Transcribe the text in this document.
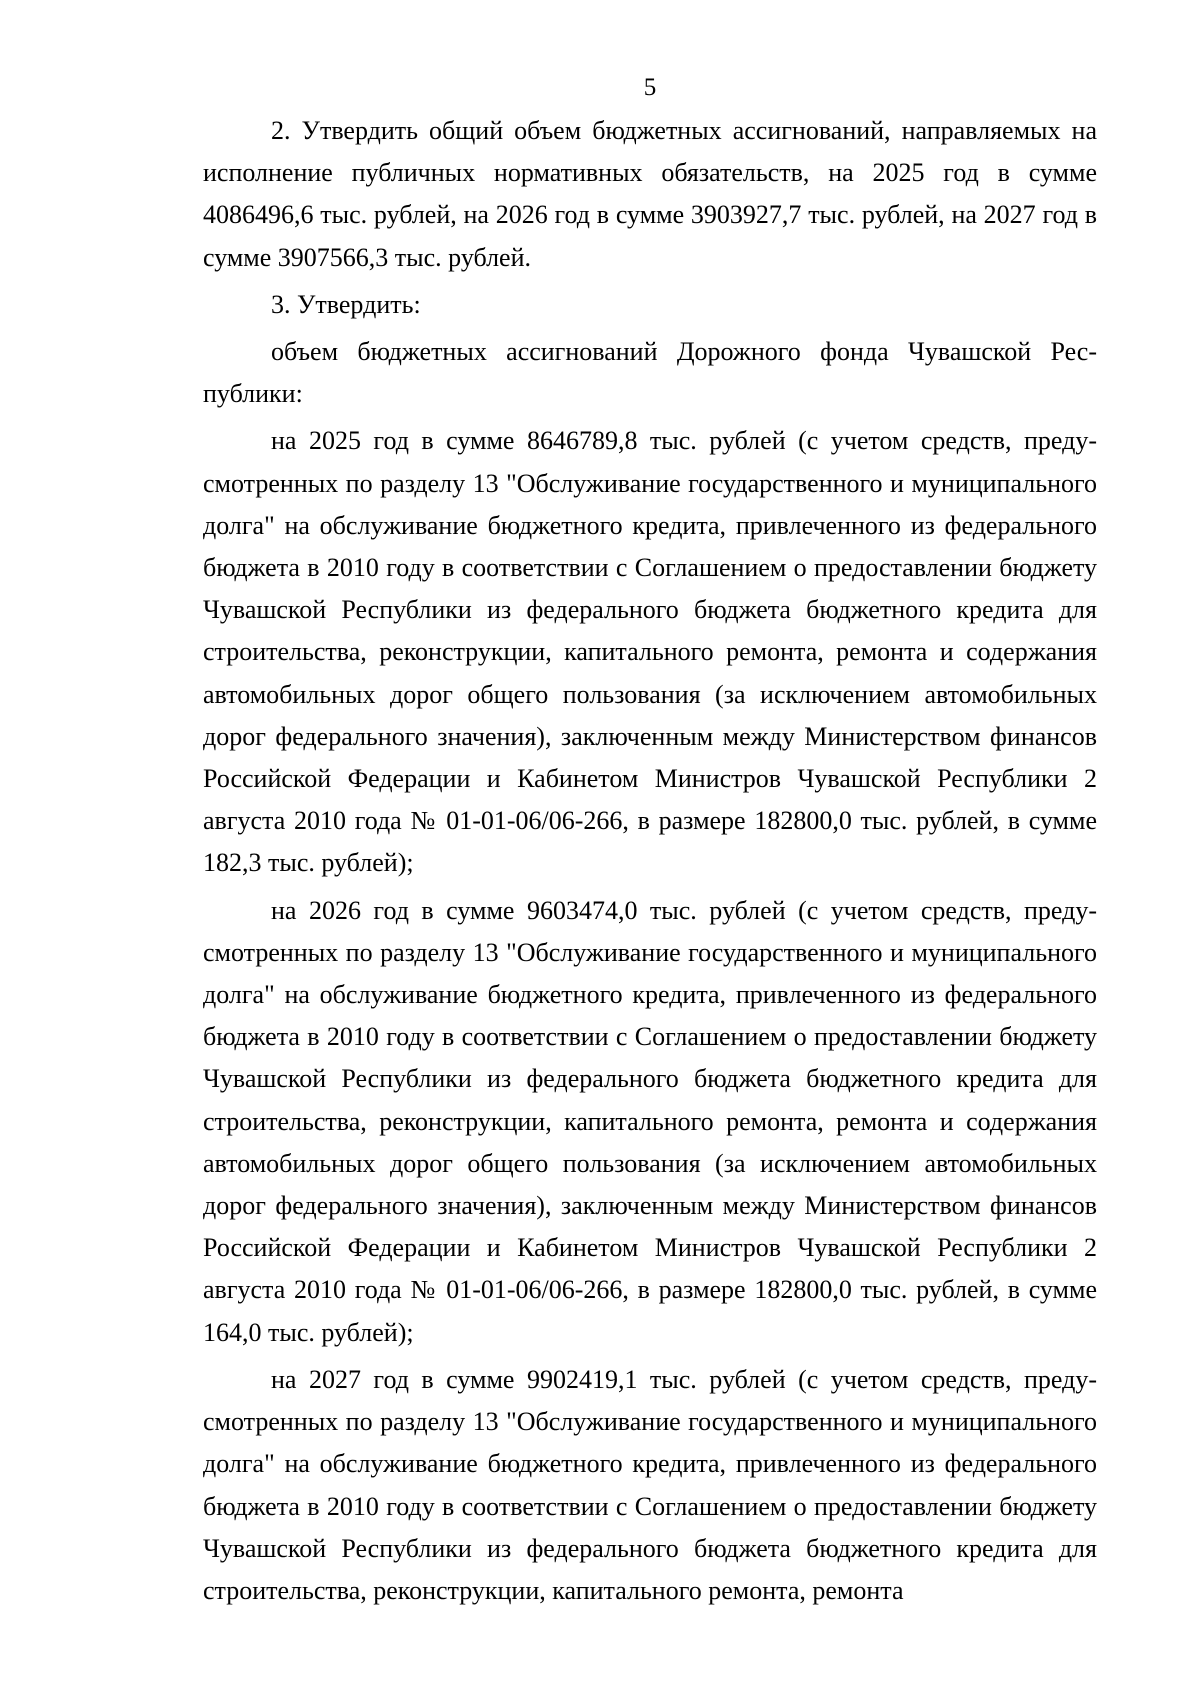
5

2. Утвердить общий объем бюджетных ассигнований, направляемых на исполнение публичных нормативных обязательств, на 2025 год в сумме 4086496,6 тыс. рублей, на 2026 год в сумме 3903927,7 тыс. рублей, на 2027 год в сумме 3907566,3 тыс. рублей.

3. Утвердить:

объем бюджетных ассигнований Дорожного фонда Чувашской Республики:

на 2025 год в сумме 8646789,8 тыс. рублей (с учетом средств, предусмотренных по разделу 13 "Обслуживание государственного и муниципального долга" на обслуживание бюджетного кредита, привлеченного из федерального бюджета в 2010 году в соответствии с Соглашением о предоставлении бюджету Чувашской Республики из федерального бюджета бюджетного кредита для строительства, реконструкции, капитального ремонта, ремонта и содержания автомобильных дорог общего пользования (за исключением автомобильных дорог федерального значения), заключенным между Министерством финансов Российской Федерации и Кабинетом Министров Чувашской Республики 2 августа 2010 года № 01-01-06/06-266, в размере 182800,0 тыс. рублей, в сумме 182,3 тыс. рублей);

на 2026 год в сумме 9603474,0 тыс. рублей (с учетом средств, предусмотренных по разделу 13 "Обслуживание государственного и муниципального долга" на обслуживание бюджетного кредита, привлеченного из федерального бюджета в 2010 году в соответствии с Соглашением о предоставлении бюджету Чувашской Республики из федерального бюджета бюджетного кредита для строительства, реконструкции, капитального ремонта, ремонта и содержания автомобильных дорог общего пользования (за исключением автомобильных дорог федерального значения), заключенным между Министерством финансов Российской Федерации и Кабинетом Министров Чувашской Республики 2 августа 2010 года № 01-01-06/06-266, в размере 182800,0 тыс. рублей, в сумме 164,0 тыс. рублей);

на 2027 год в сумме 9902419,1 тыс. рублей (с учетом средств, предусмотренных по разделу 13 "Обслуживание государственного и муниципального долга" на обслуживание бюджетного кредита, привлеченного из федерального бюджета в 2010 году в соответствии с Соглашением о предоставлении бюджету Чувашской Республики из федерального бюджета бюджетного кредита для строительства, реконструкции, капитального ремонта, ремонта
